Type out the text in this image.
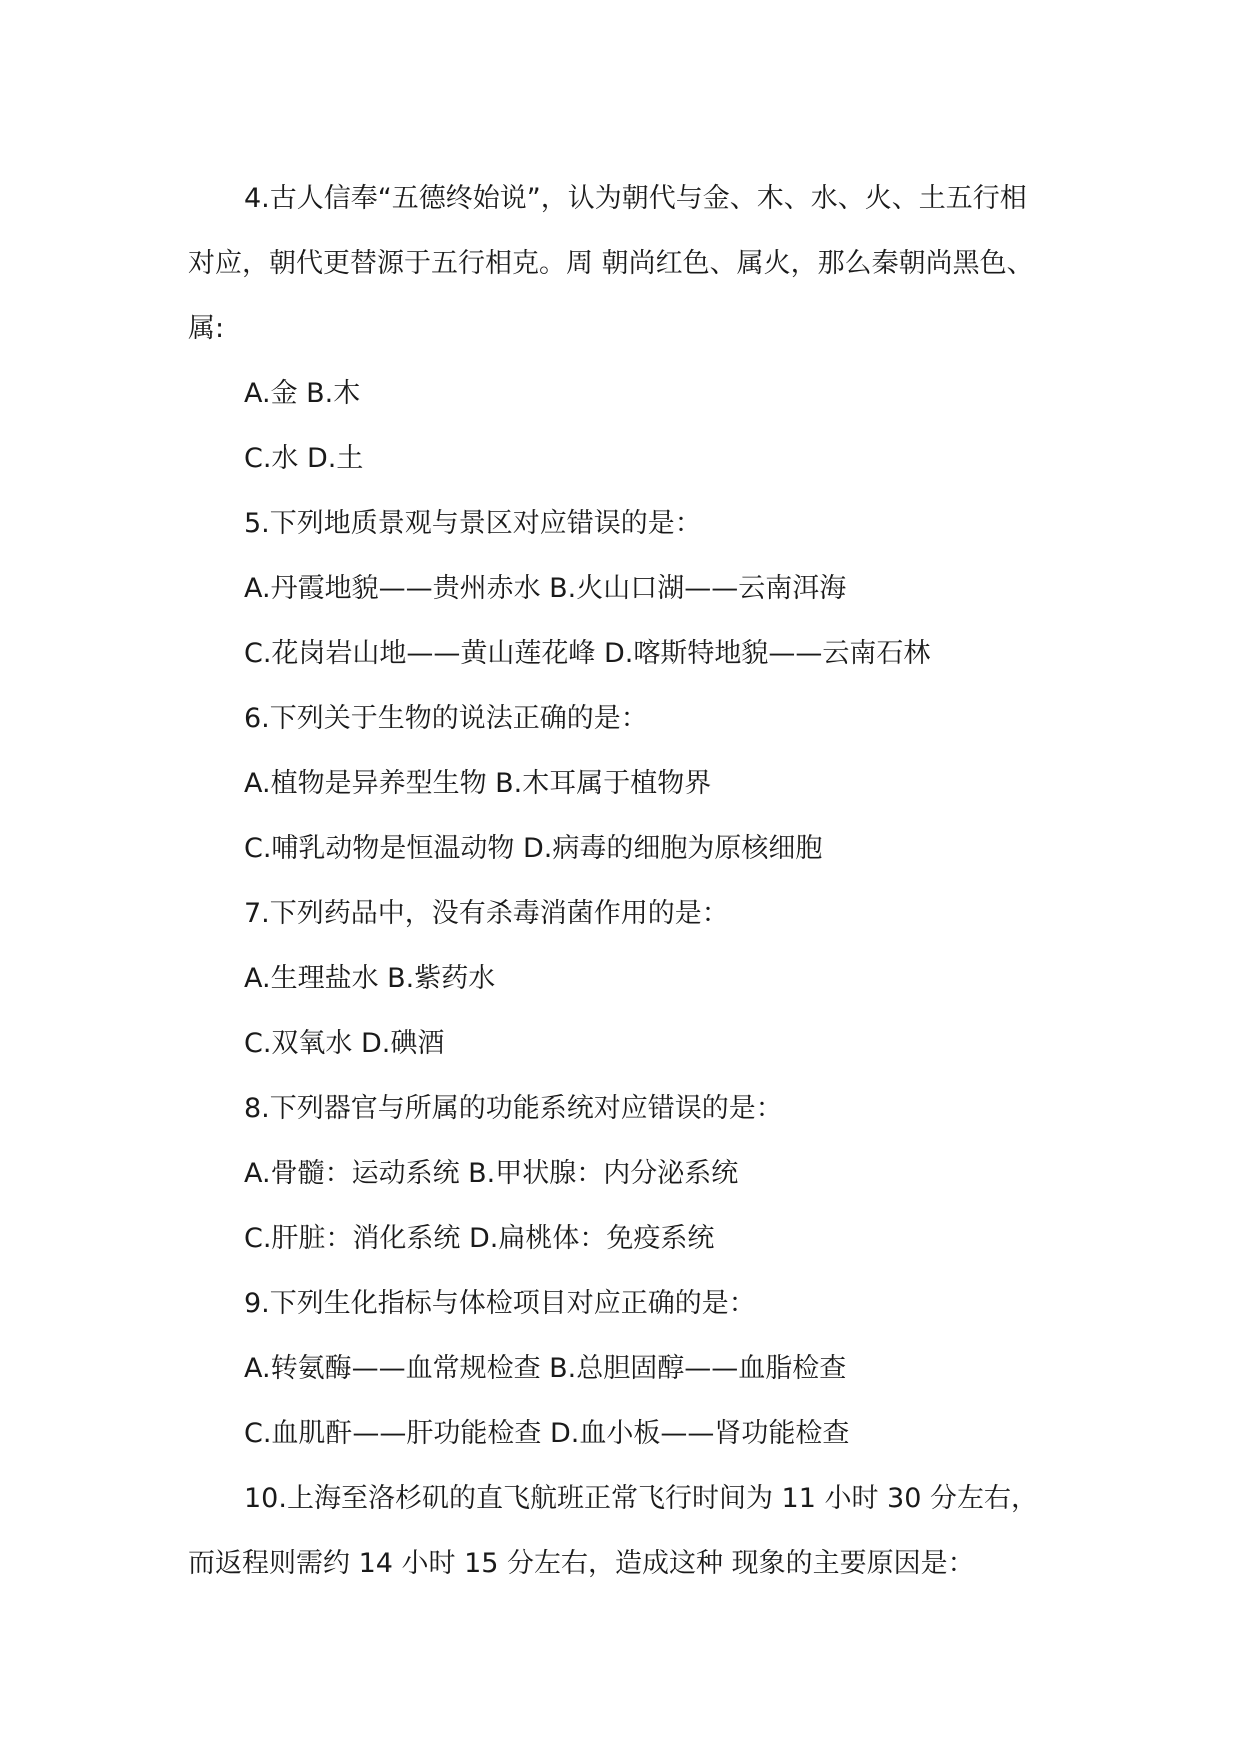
4.古人信奉“五德终始说”，认为朝代与金、木、水、火、土五行相
对应，朝代更替源于五行相克。周 朝尚红色、属火，那么秦朝尚黑色、
属:
A.金 B.木
C.水 D.土
5.下列地质景观与景区对应错误的是：
A.丹霞地貌——贵州赤水 B.火山口湖——云南洱海
C.花岗岩山地——黄山莲花峰 D.喀斯特地貌——云南石林
6.下列关于生物的说法正确的是：
A.植物是异养型生物 B.木耳属于植物界
C.哺乳动物是恒温动物 D.病毒的细胞为原核细胞
7.下列药品中，没有杀毒消菌作用的是：
A.生理盐水 B.紫药水
C.双氧水 D.碘酒
8.下列器官与所属的功能系统对应错误的是：
A.骨髓：运动系统 B.甲状腺：内分泌系统
C.肝脏：消化系统 D.扁桃体：免疫系统
9.下列生化指标与体检项目对应正确的是：
A.转氨酶——血常规检查 B.总胆固醇——血脂检查
C.血肌酐——肝功能检查 D.血小板——肾功能检查
10.上海至洛杉矶的直飞航班正常飞行时间为 11 小时 30 分左右，
而返程则需约 14 小时 15 分左右，造成这种 现象的主要原因是：
